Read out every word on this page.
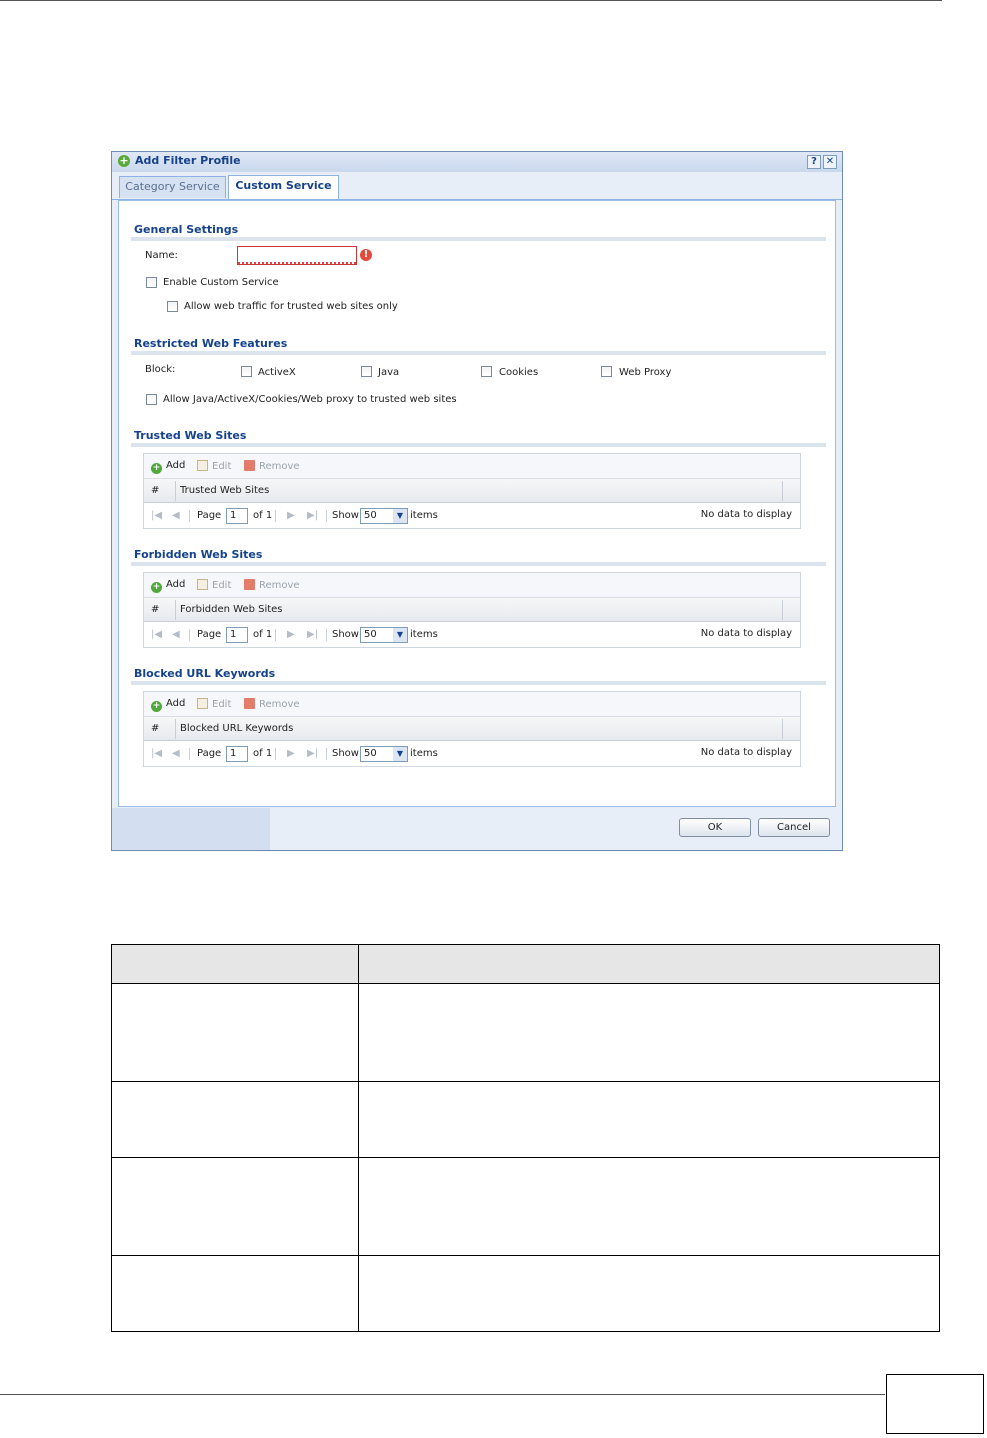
+ Add Filter Profile	? ✕
Category Service	Custom Service
General Settings
Name:	!
Enable Custom Service
Allow web traffic for trusted web sites only
Restricted Web Features
Block:	ActiveX	Java	Cookies	Web Proxy
Allow Java/ActiveX/Cookies/Web proxy to trusted web sites
Trusted Web Sites
+ Add	Edit	Remove
# Trusted Web Sites
|◀ ◀ Page 1	of 1 ▶ ▶| Show 50	▼ items	No data to display
Forbidden Web Sites
+ Add	Edit	Remove
# Forbidden Web Sites
|◀ ◀ Page 1	of 1 ▶ ▶| Show 50	▼ items	No data to display
Blocked URL Keywords
+ Add	Edit	Remove
# Blocked URL Keywords
|◀ ◀ Page 1	of 1 ▶ ▶| Show 50	▼ items	No data to display
OK	Cancel
